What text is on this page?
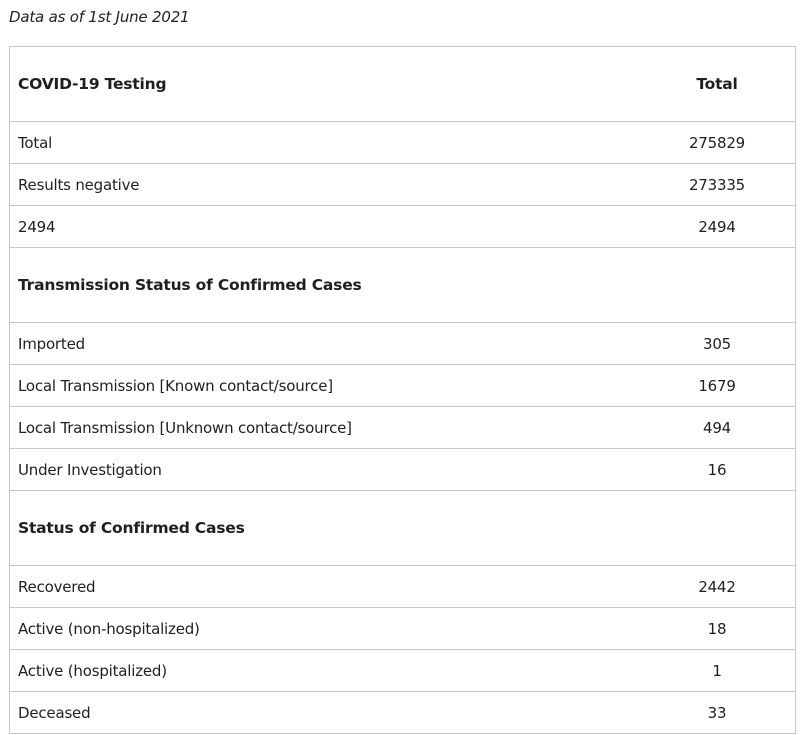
Data as of 1st June 2021
COVID-19 Testing	Total
Total	275829
Results negative	273335
2494	2494
Transmission Status of Confirmed Cases	
Imported	305
Local Transmission [Known contact/source]	1679
Local Transmission [Unknown contact/source]	494
Under Investigation	16
Status of Confirmed Cases	
Recovered	2442
Active (non-hospitalized)	18
Active (hospitalized)	1
Deceased	33
